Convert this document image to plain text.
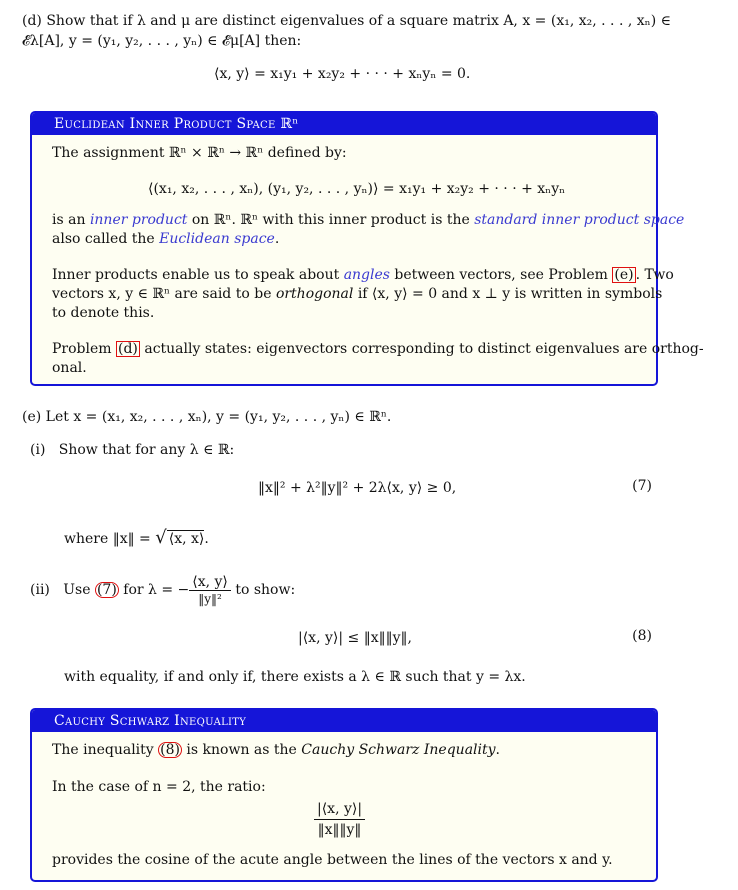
(d) Show that if λ and μ are distinct eigenvalues of a square matrix A, x = (x₁, x₂, . . . , xₙ) ∈
𝓔λ[A], y = (y₁, y₂, . . . , yₙ) ∈ 𝓔μ[A] then:
⟨x, y⟩ = x₁y₁ + x₂y₂ + · · · + xₙyₙ = 0.
Euclidean Inner Product Space ℝⁿ
The assignment ℝⁿ × ℝⁿ → ℝⁿ defined by:
⟨(x₁, x₂, . . . , xₙ), (y₁, y₂, . . . , yₙ)⟩ = x₁y₁ + x₂y₂ + · · · + xₙyₙ
is an inner product on ℝⁿ. ℝⁿ with this inner product is the standard inner product space
also called the Euclidean space.
Inner products enable us to speak about angles between vectors, see Problem (e) . Two
vectors x, y ∈ ℝⁿ are said to be orthogonal if ⟨x, y⟩ = 0 and x ⊥ y is written in symbols
to denote this.
Problem (d) actually states: eigenvectors corresponding to distinct eigenvalues are orthog-
onal.
(e) Let x = (x₁, x₂, . . . , xₙ), y = (y₁, y₂, . . . , yₙ) ∈ ℝⁿ.
(i) Show that for any λ ∈ ℝ:
‖x‖² + λ²‖y‖² + 2λ⟨x, y⟩ ≥ 0,	(7)
where ‖x‖ = √ ⟨x, x⟩.
(ii) Use (7) for λ = − $\frac{⟨x, y⟩}{\text{‖y‖²}}$ to show:
|⟨x, y⟩| ≤ ‖x‖‖y‖,	(8)
with equality, if and only if, there exists a λ ∈ ℝ such that y = λx.
Cauchy Schwarz Inequality
The inequality (8) is known as the Cauchy Schwarz Inequality.
In the case of n = 2, the ratio:
$\frac{|⟨x, y⟩|}{‖x‖‖y‖}$
provides the cosine of the acute angle between the lines of the vectors x and y.
